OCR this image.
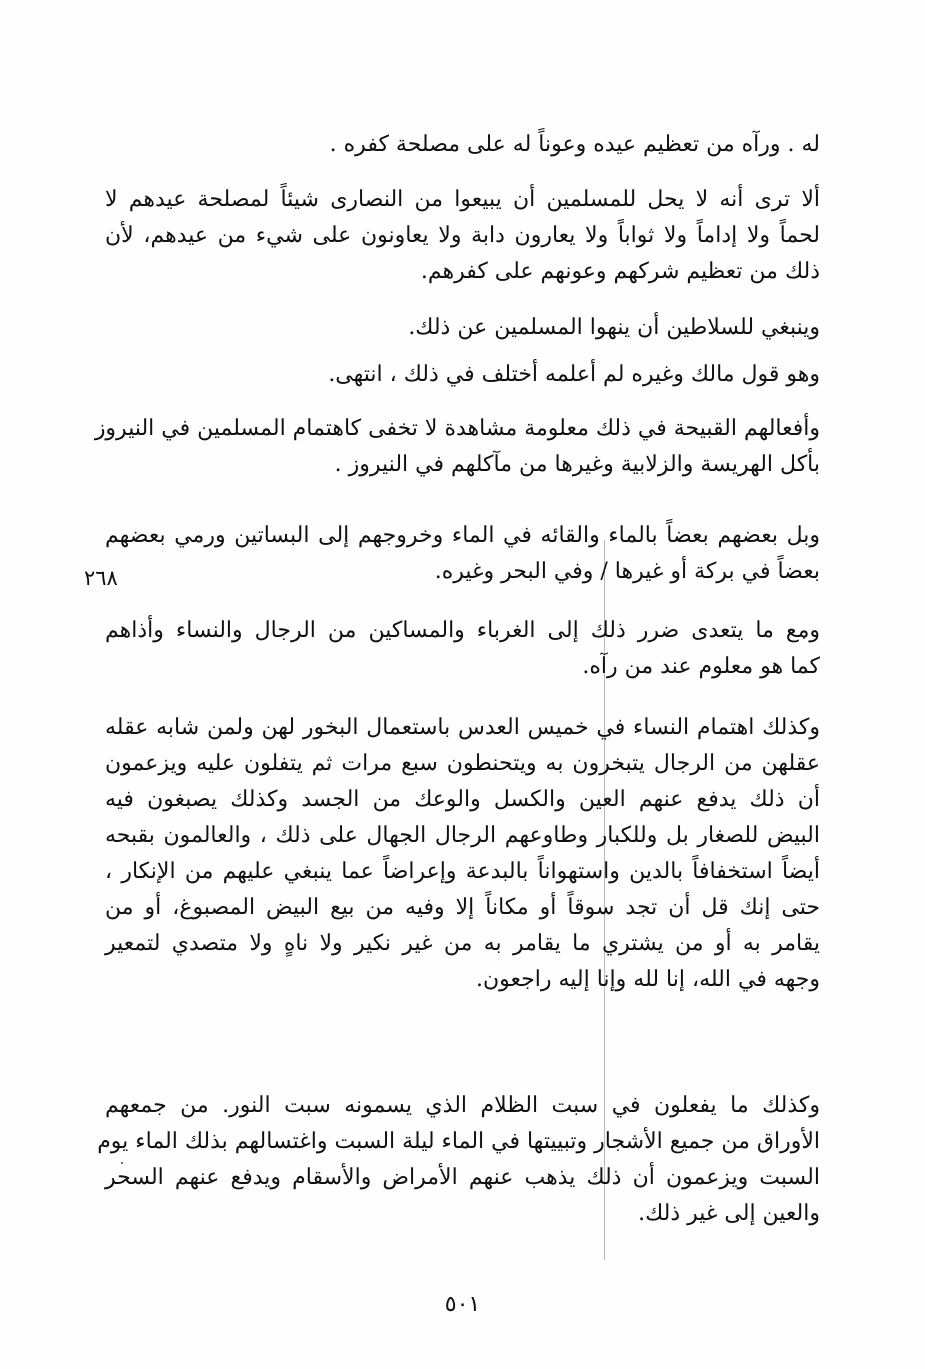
٢٦٨
له . ورآه من تعظيم عيده وعوناً له على مصلحة كفره .
ألا ترى أنه لا يحل للمسلمين أن يبيعوا من النصارى شيئاً لمصلحة عيدهم لا
لحماً ولا إداماً ولا ثواباً ولا يعارون دابة ولا يعاونون على شيء من عيدهم، لأن
ذلك من تعظيم شركهم وعونهم على كفرهم.
وينبغي للسلاطين أن ينهوا المسلمين عن ذلك.
وهو قول مالك وغيره لم أعلمه أختلف في ذلك ، انتهى.
وأفعالهم القبيحة في ذلك معلومة مشاهدة لا تخفى كاهتمام المسلمين في النيروز
بأكل الهريسة والزلابية وغيرها من مآكلهم في النيروز .
وبل بعضهم بعضاً بالماء والقائه في الماء وخروجهم إلى البساتين ورمي بعضهم
بعضاً في بركة أو غيرها / وفي البحر وغيره.
ومع ما يتعدى ضرر ذلك إلى الغرباء والمساكين من الرجال والنساء وأذاهم
كما هو معلوم عند من رآه.
وكذلك اهتمام النساء في خميس العدس باستعمال البخور لهن ولمن شابه عقله
عقلهن من الرجال يتبخرون به ويتحنطون سبع مرات ثم يتفلون عليه ويزعمون
أن ذلك يدفع عنهم العين والكسل والوعك من الجسد وكذلك يصبغون فيه
البيض للصغار بل وللكبار وطاوعهم الرجال الجهال على ذلك ، والعالمون بقبحه
أيضاً استخفافاً بالدين واستهواناً بالبدعة وإعراضاً عما ينبغي عليهم من الإنكار ،
حتى إنك قل أن تجد سوقاً أو مكاناً إلا وفيه من بيع البيض المصبوغ، أو من
يقامر به أو من يشتري ما يقامر به من غير نكير ولا ناهٍ ولا متصدي لتمعير
وجهه في الله، إنا لله وإنا إليه راجعون.
وكذلك ما يفعلون في سبت الظلام الذي يسمونه سبت النور. من جمعهم
الأوراق من جميع الأشجار وتبييتها في الماء ليلة السبت واغتسالهم بذلك الماء يوم
السبت ويزعمون أن ذلك يذهب عنهم الأمراض والأسقام ويدفع عنهم السحر
والعين إلى غير ذلك.
٥٠١
